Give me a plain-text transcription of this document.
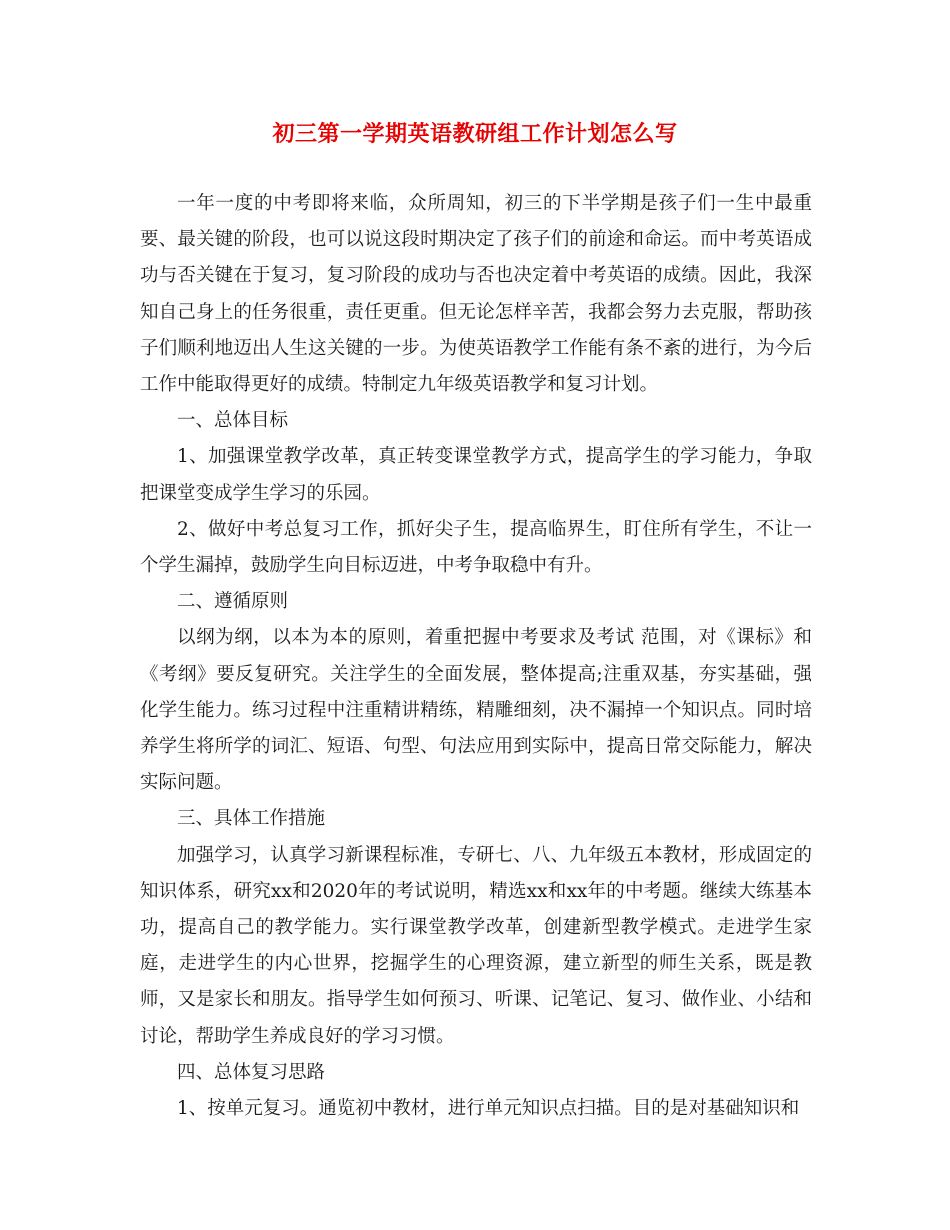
初三第一学期英语教研组工作计划怎么写

一年一度的中考即将来临，众所周知，初三的下半学期是孩子们一生中最重要、最关键的阶段，也可以说这段时期决定了孩子们的前途和命运。而中考英语成功与否关键在于复习，复习阶段的成功与否也决定着中考英语的成绩。因此，我深知自己身上的任务很重，责任更重。但无论怎样辛苦，我都会努力去克服，帮助孩子们顺利地迈出人生这关键的一步。为使英语教学工作能有条不紊的进行，为今后工作中能取得更好的成绩。特制定九年级英语教学和复习计划。

一、总体目标

1、加强课堂教学改革，真正转变课堂教学方式，提高学生的学习能力，争取把课堂变成学生学习的乐园。

2、做好中考总复习工作，抓好尖子生，提高临界生，盯住所有学生，不让一个学生漏掉，鼓励学生向目标迈进，中考争取稳中有升。

二、遵循原则

以纲为纲，以本为本的原则，着重把握中考要求及考试 范围，对《课标》和《考纲》要反复研究。关注学生的全面发展，整体提高;注重双基，夯实基础，强化学生能力。练习过程中注重精讲精练，精雕细刻，决不漏掉一个知识点。同时培养学生将所学的词汇、短语、句型、句法应用到实际中，提高日常交际能力，解决实际问题。

三、具体工作措施

加强学习，认真学习新课程标准，专研七、八、九年级五本教材，形成固定的知识体系，研究xx和2020年的考试说明，精选xx和xx年的中考题。继续大练基本功，提高自己的教学能力。实行课堂教学改革，创建新型教学模式。走进学生家庭，走进学生的内心世界，挖掘学生的心理资源，建立新型的师生关系，既是教师，又是家长和朋友。指导学生如何预习、听课、记笔记、复习、做作业、小结和讨论，帮助学生养成良好的学习习惯。

四、总体复习思路

1、按单元复习。通览初中教材，进行单元知识点扫描。目的是对基础知识和
